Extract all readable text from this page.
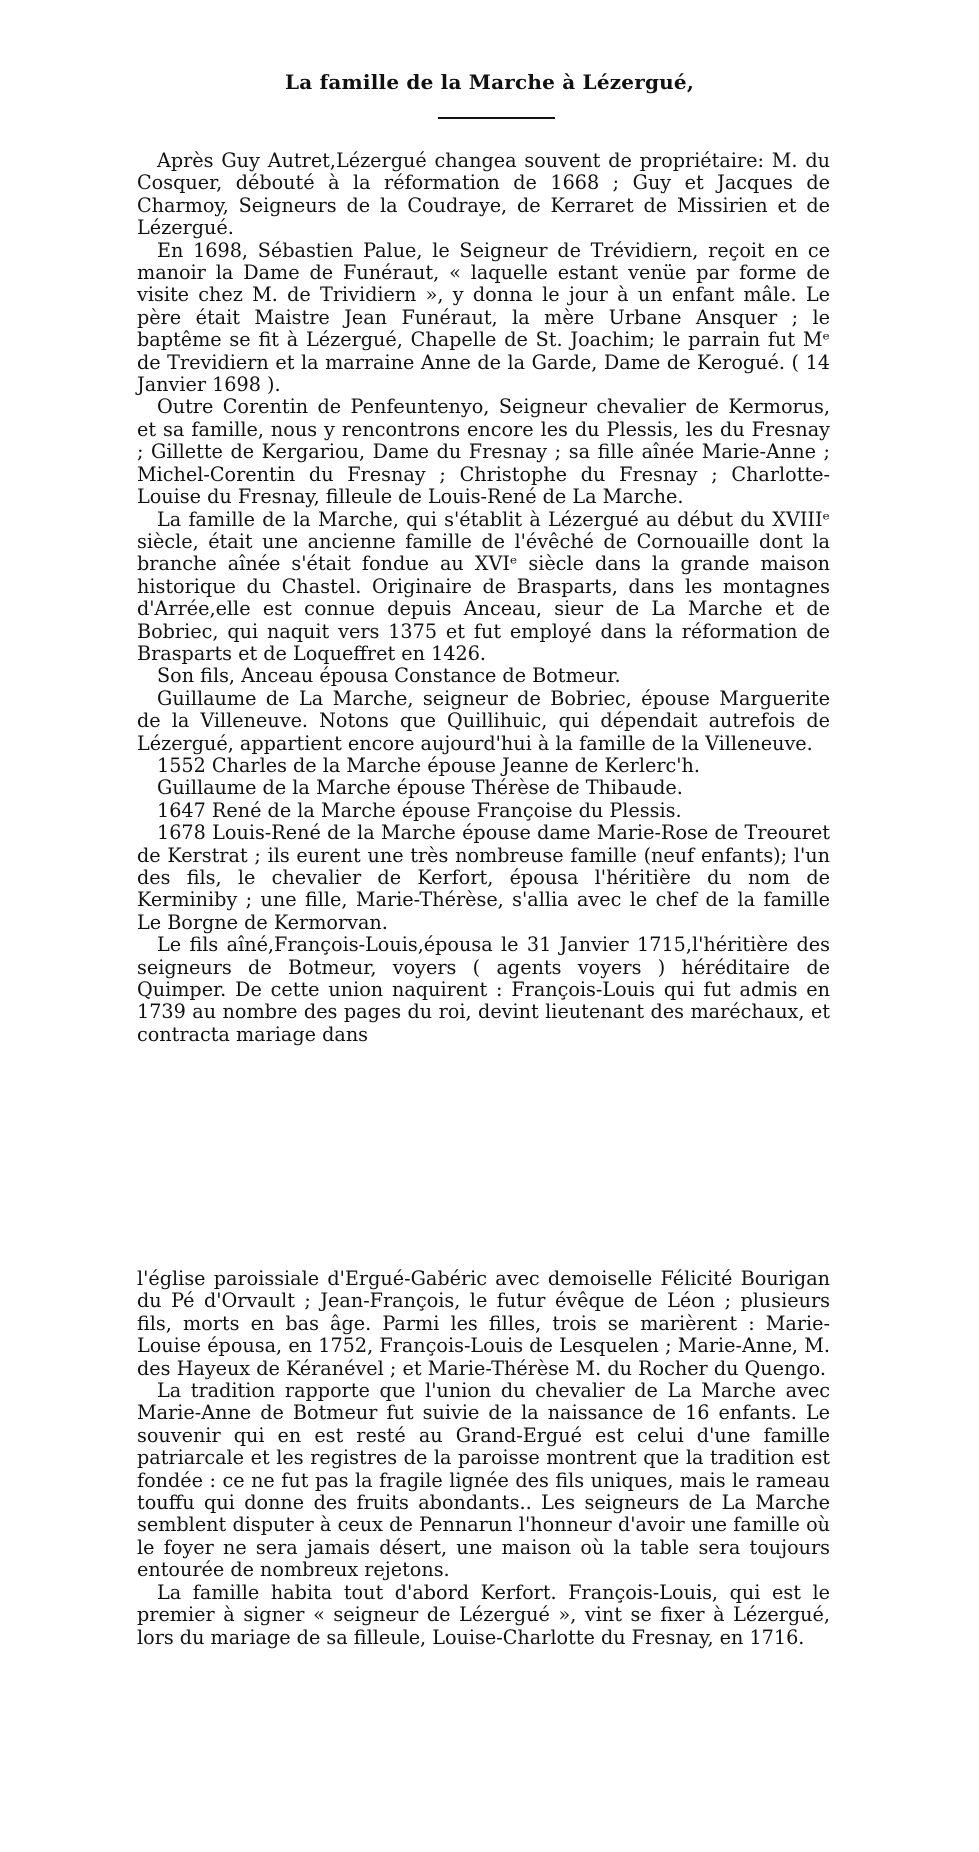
La famille de la Marche à Lézergué,

Après Guy Autret,Lézergué changea souvent de propriétaire: M. du Cosquer, débouté à la réformation de 1668 ; Guy et Jacques de Charmoy, Seigneurs de la Coudraye, de Kerraret de Missirien et de Lézergué.

En 1698, Sébastien Palue, le Seigneur de Trévidiern, reçoit en ce manoir la Dame de Funéraut, « laquelle estant venüe par forme de visite chez M. de Trividiern », y donna le jour à un enfant mâle. Le père était Maistre Jean Funéraut, la mère Urbane Ansquer ; le baptême se fit à Lézergué, Chapelle de St. Joachim; le parrain fut Mᵉ de Trevidiern et la marraine Anne de la Garde, Dame de Kerogué. ( 14 Janvier 1698 ).

Outre Corentin de Penfeuntenyo, Seigneur chevalier de Kermorus, et sa famille, nous y rencontrons encore les du Plessis, les du Fresnay ; Gillette de Kergariou, Dame du Fresnay ; sa fille aînée Marie-Anne ; Michel-Corentin du Fresnay ; Christophe du Fresnay ; Charlotte-Louise du Fresnay, filleule de Louis-René de La Marche.

La famille de la Marche, qui s'établit à Lézergué au début du XVIIIᵉ siècle, était une ancienne famille de l'évêché de Cornouaille dont la branche aînée s'était fondue au XVIᵉ siècle dans la grande maison historique du Chastel. Originaire de Brasparts, dans les montagnes d'Arrée,elle est connue depuis Anceau, sieur de La Marche et de Bobriec, qui naquit vers 1375 et fut employé dans la réformation de Brasparts et de Loqueffret en 1426.

Son fils, Anceau épousa Constance de Botmeur.

Guillaume de La Marche, seigneur de Bobriec, épouse Marguerite de la Villeneuve. Notons que Quillihuic, qui dépendait autrefois de Lézergué, appartient encore aujourd'hui à la famille de la Villeneuve.

1552 Charles de la Marche épouse Jeanne de Kerlerc'h.

Guillaume de la Marche épouse Thérèse de Thibaude.

1647 René de la Marche épouse Françoise du Plessis.

1678 Louis-René de la Marche épouse dame Marie-Rose de Treouret de Kerstrat ; ils eurent une très nombreuse famille (neuf enfants); l'un des fils, le chevalier de Kerfort, épousa l'héritière du nom de Kerminiby ; une fille, Marie-Thérèse, s'allia avec le chef de la famille Le Borgne de Kermorvan.

Le fils aîné,François-Louis,épousa le 31 Janvier 1715,l'héritière des seigneurs de Botmeur, voyers ( agents voyers ) héréditaire de Quimper. De cette union naquirent : François-Louis qui fut admis en 1739 au nombre des pages du roi, devint lieutenant des maréchaux, et contracta mariage dans

l'église paroissiale d'Ergué-Gabéric avec demoiselle Félicité Bourigan du Pé d'Orvault ; Jean-François, le futur évêque de Léon ; plusieurs fils, morts en bas âge. Parmi les filles, trois se marièrent : Marie-Louise épousa, en 1752, François-Louis de Lesquelen ; Marie-Anne, M. des Hayeux de Kéranével ; et Marie-Thérèse M. du Rocher du Quengo.

La tradition rapporte que l'union du chevalier de La Marche avec Marie-Anne de Botmeur fut suivie de la naissance de 16 enfants. Le souvenir qui en est resté au Grand-Ergué est celui d'une famille patriarcale et les registres de la paroisse montrent que la tradition est fondée : ce ne fut pas la fragile lignée des fils uniques, mais le rameau touffu qui donne des fruits abondants.. Les seigneurs de La Marche semblent disputer à ceux de Pennarun l'honneur d'avoir une famille où le foyer ne sera jamais désert, une maison où la table sera toujours entourée de nombreux rejetons.

La famille habita tout d'abord Kerfort. François-Louis, qui est le premier à signer « seigneur de Lézergué », vint se fixer à Lézergué, lors du mariage de sa filleule, Louise-Charlotte du Fresnay, en 1716.
